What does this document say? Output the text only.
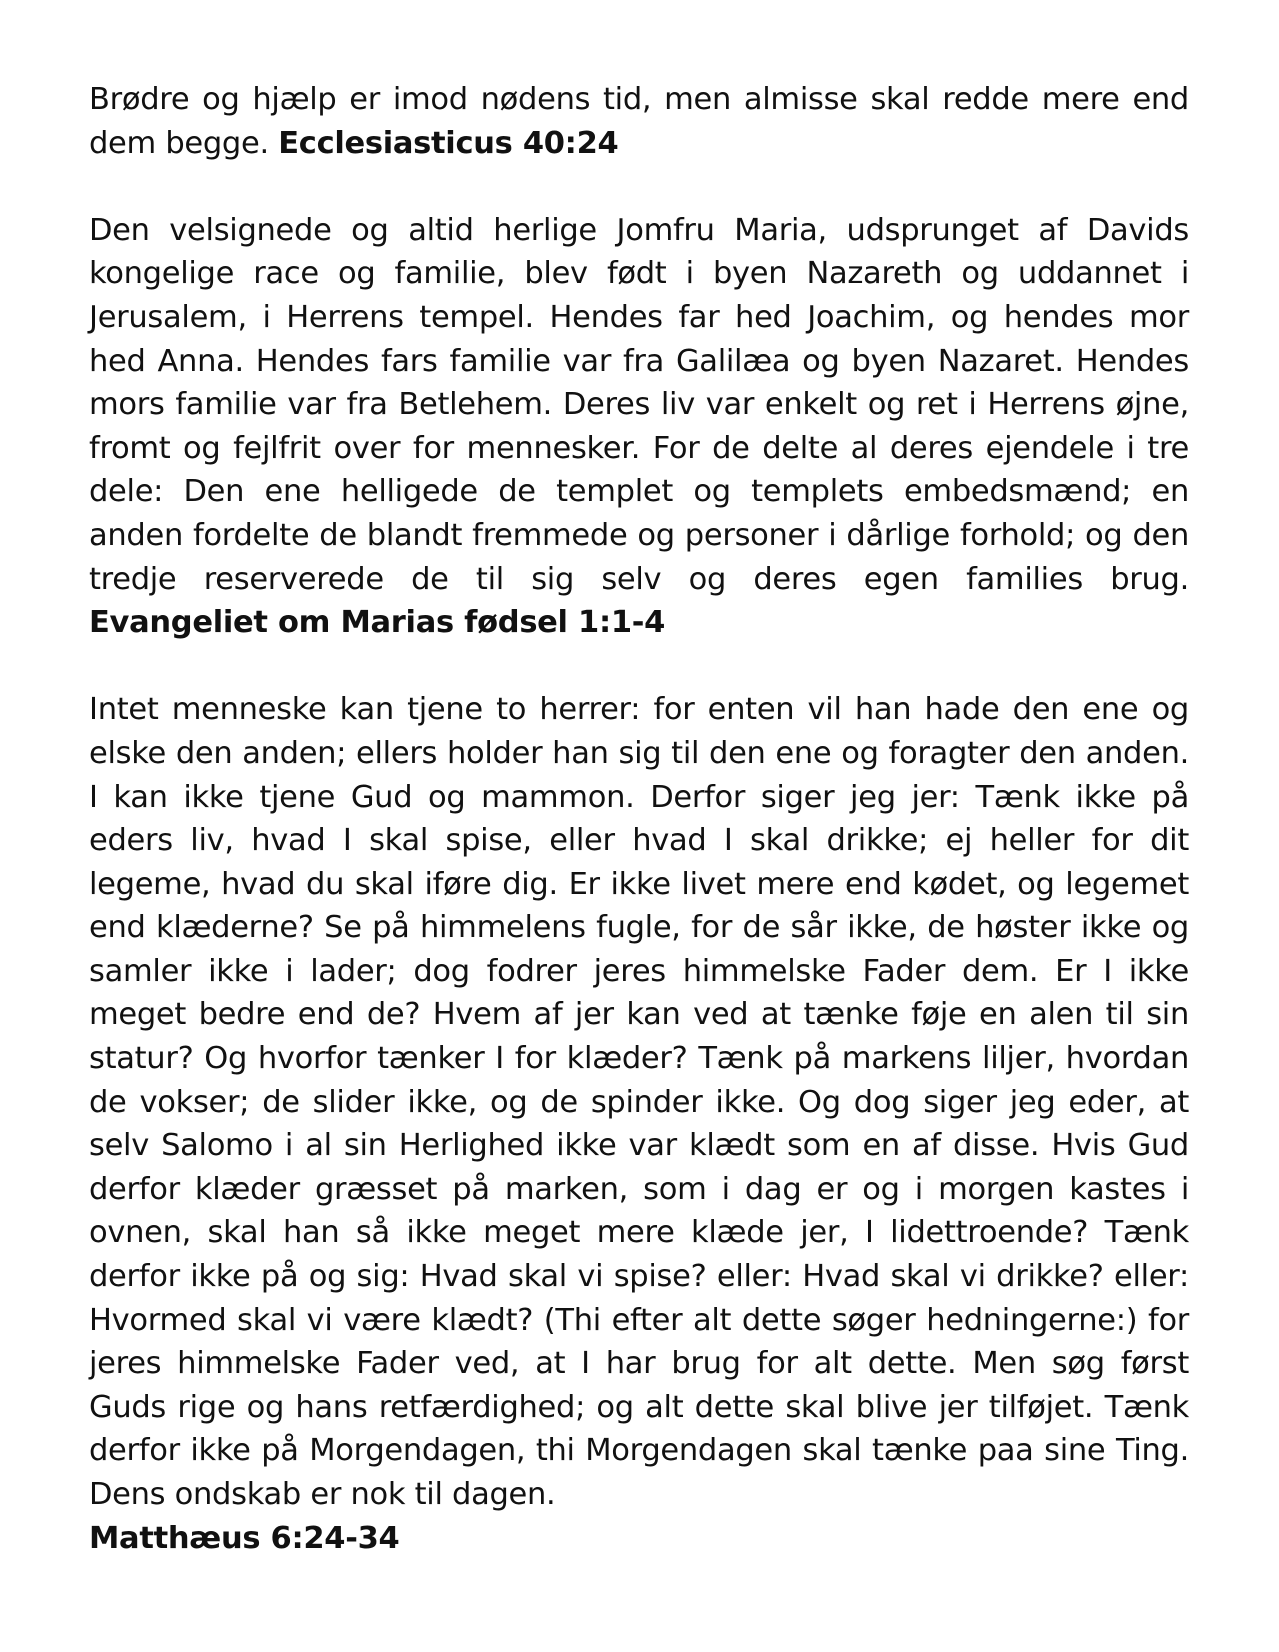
Brødre og hjælp er imod nødens tid, men almisse skal redde mere end dem begge. Ecclesiasticus 40:24

Den velsignede og altid herlige Jomfru Maria, udsprunget af Davids kongelige race og familie, blev født i byen Nazareth og uddannet i Jerusalem, i Herrens tempel. Hendes far hed Joachim, og hendes mor hed Anna. Hendes fars familie var fra Galilæa og byen Nazaret. Hendes mors familie var fra Betlehem. Deres liv var enkelt og ret i Herrens øjne, fromt og fejlfrit over for mennesker. For de delte al deres ejendele i tre dele: Den ene helligede de templet og templets embedsmænd; en anden fordelte de blandt fremmede og personer i dårlige forhold; og den tredje reserverede de til sig selv og deres egen families brug. Evangeliet om Marias fødsel 1:1-4

Intet menneske kan tjene to herrer: for enten vil han hade den ene og elske den anden; ellers holder han sig til den ene og foragter den anden. I kan ikke tjene Gud og mammon. Derfor siger jeg jer: Tænk ikke på eders liv, hvad I skal spise, eller hvad I skal drikke; ej heller for dit legeme, hvad du skal iføre dig. Er ikke livet mere end kødet, og legemet end klæderne? Se på himmelens fugle, for de sår ikke, de høster ikke og samler ikke i lader; dog fodrer jeres himmelske Fader dem. Er I ikke meget bedre end de? Hvem af jer kan ved at tænke føje en alen til sin statur? Og hvorfor tænker I for klæder? Tænk på markens liljer, hvordan de vokser; de slider ikke, og de spinder ikke. Og dog siger jeg eder, at selv Salomo i al sin Herlighed ikke var klædt som en af disse. Hvis Gud derfor klæder græsset på marken, som i dag er og i morgen kastes i ovnen, skal han så ikke meget mere klæde jer, I lidettroende? Tænk derfor ikke på og sig: Hvad skal vi spise? eller: Hvad skal vi drikke? eller: Hvormed skal vi være klædt? (Thi efter alt dette søger hedningerne:) for jeres himmelske Fader ved, at I har brug for alt dette. Men søg først Guds rige og hans retfærdighed; og alt dette skal blive jer tilføjet. Tænk derfor ikke på Morgendagen, thi Morgendagen skal tænke paa sine Ting. Dens ondskab er nok til dagen.
Matthæus 6:24-34
